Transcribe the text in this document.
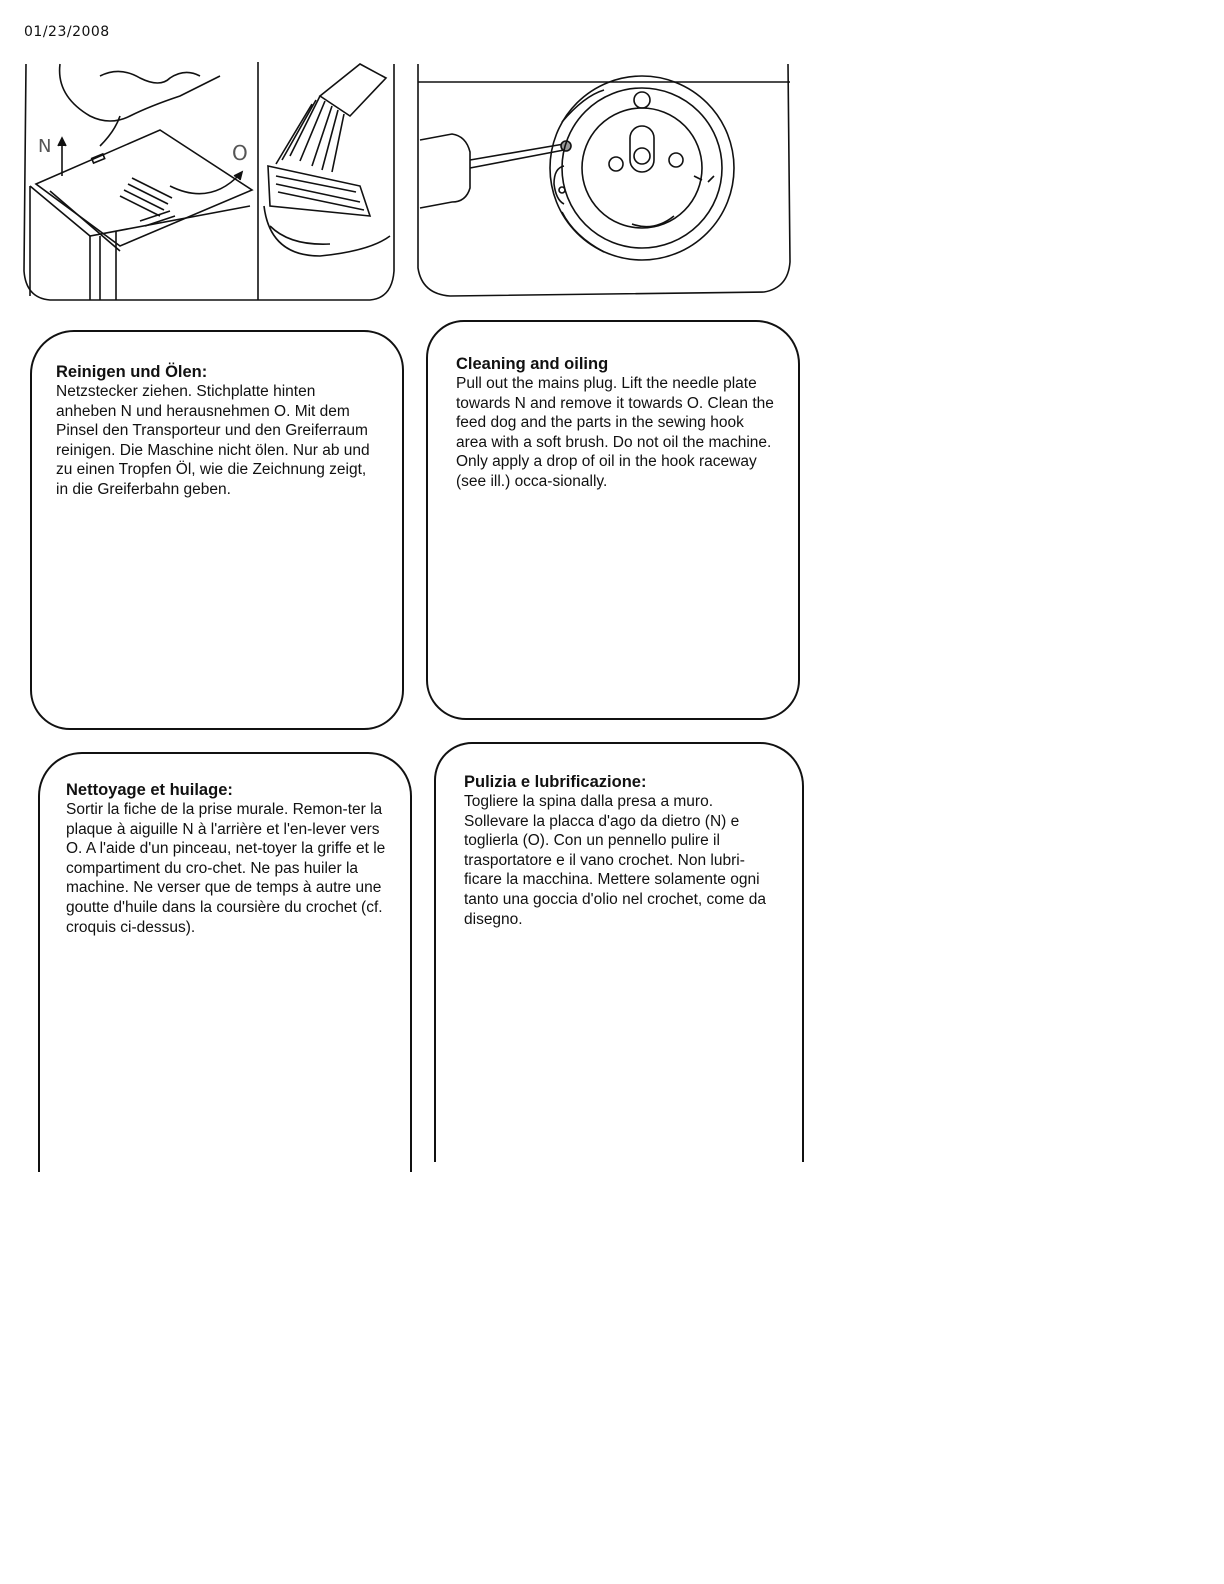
01/23/2008
N	O
Reinigen und Ölen:

Netzstecker ziehen. Stichplatte hinten anheben N und herausnehmen O. Mit dem Pinsel den Transporteur und den Greiferraum reinigen. Die Maschine nicht ölen. Nur ab und zu einen Tropfen Öl, wie die Zeichnung zeigt, in die Greiferbahn geben.

Cleaning and oiling

Pull out the mains plug. Lift the needle plate towards N and remove it towards O. Clean the feed dog and the parts in the sewing hook area with a soft brush. Do not oil the machine. Only apply a drop of oil in the hook raceway (see ill.) occa-sionally.

Nettoyage et huilage:

Sortir la fiche de la prise murale. Remon-ter la plaque à aiguille N à l'arrière et l'en-lever vers O. A l'aide d'un pinceau, net-toyer la griffe et le compartiment du cro-chet. Ne pas huiler la machine. Ne verser que de temps à autre une goutte d'huile dans la coursière du crochet (cf. croquis ci-dessus).

Pulizia e lubrificazione:

Togliere la spina dalla presa a muro. Sollevare la placca d'ago da dietro (N) e toglierla (O). Con un pennello pulire il trasportatore e il vano crochet. Non lubri-ficare la macchina. Mettere solamente ogni tanto una goccia d'olio nel crochet, come da disegno.
